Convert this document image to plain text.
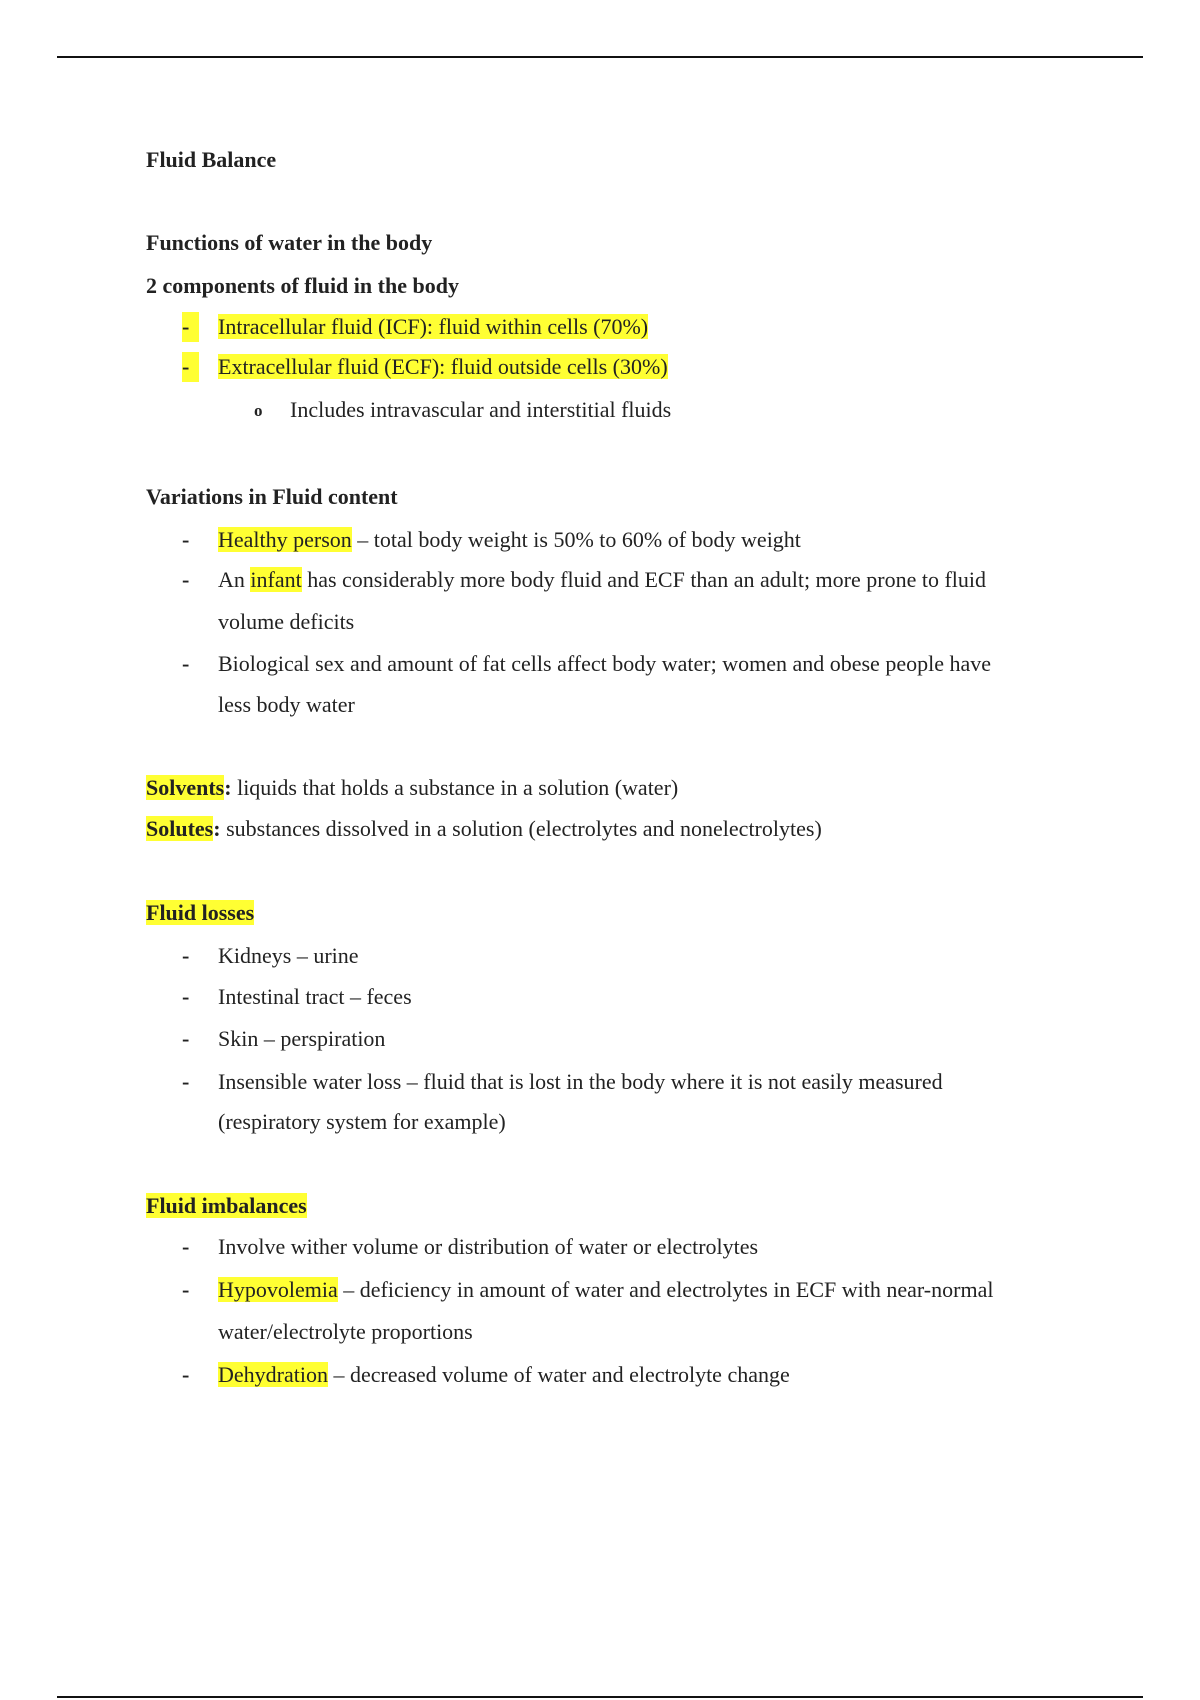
Fluid Balance
Functions of water in the body
2 components of fluid in the body
-	Intracellular fluid (ICF): fluid within cells (70%)
-	Extracellular fluid (ECF): fluid outside cells (30%)
o Includes intravascular and interstitial fluids
Variations in Fluid content
- Healthy person – total body weight is 50% to 60% of body weight
- An infant has considerably more body fluid and ECF than an adult; more prone to fluid
volume deficits
- Biological sex and amount of fat cells affect body water; women and obese people have
less body water
Solvents: liquids that holds a substance in a solution (water)
Solutes: substances dissolved in a solution (electrolytes and nonelectrolytes)
Fluid losses
- Kidneys – urine
- Intestinal tract – feces
- Skin – perspiration
- Insensible water loss – fluid that is lost in the body where it is not easily measured
(respiratory system for example)
Fluid imbalances
- Involve wither volume or distribution of water or electrolytes
- Hypovolemia – deficiency in amount of water and electrolytes in ECF with near-normal
water/electrolyte proportions
- Dehydration – decreased volume of water and electrolyte change
